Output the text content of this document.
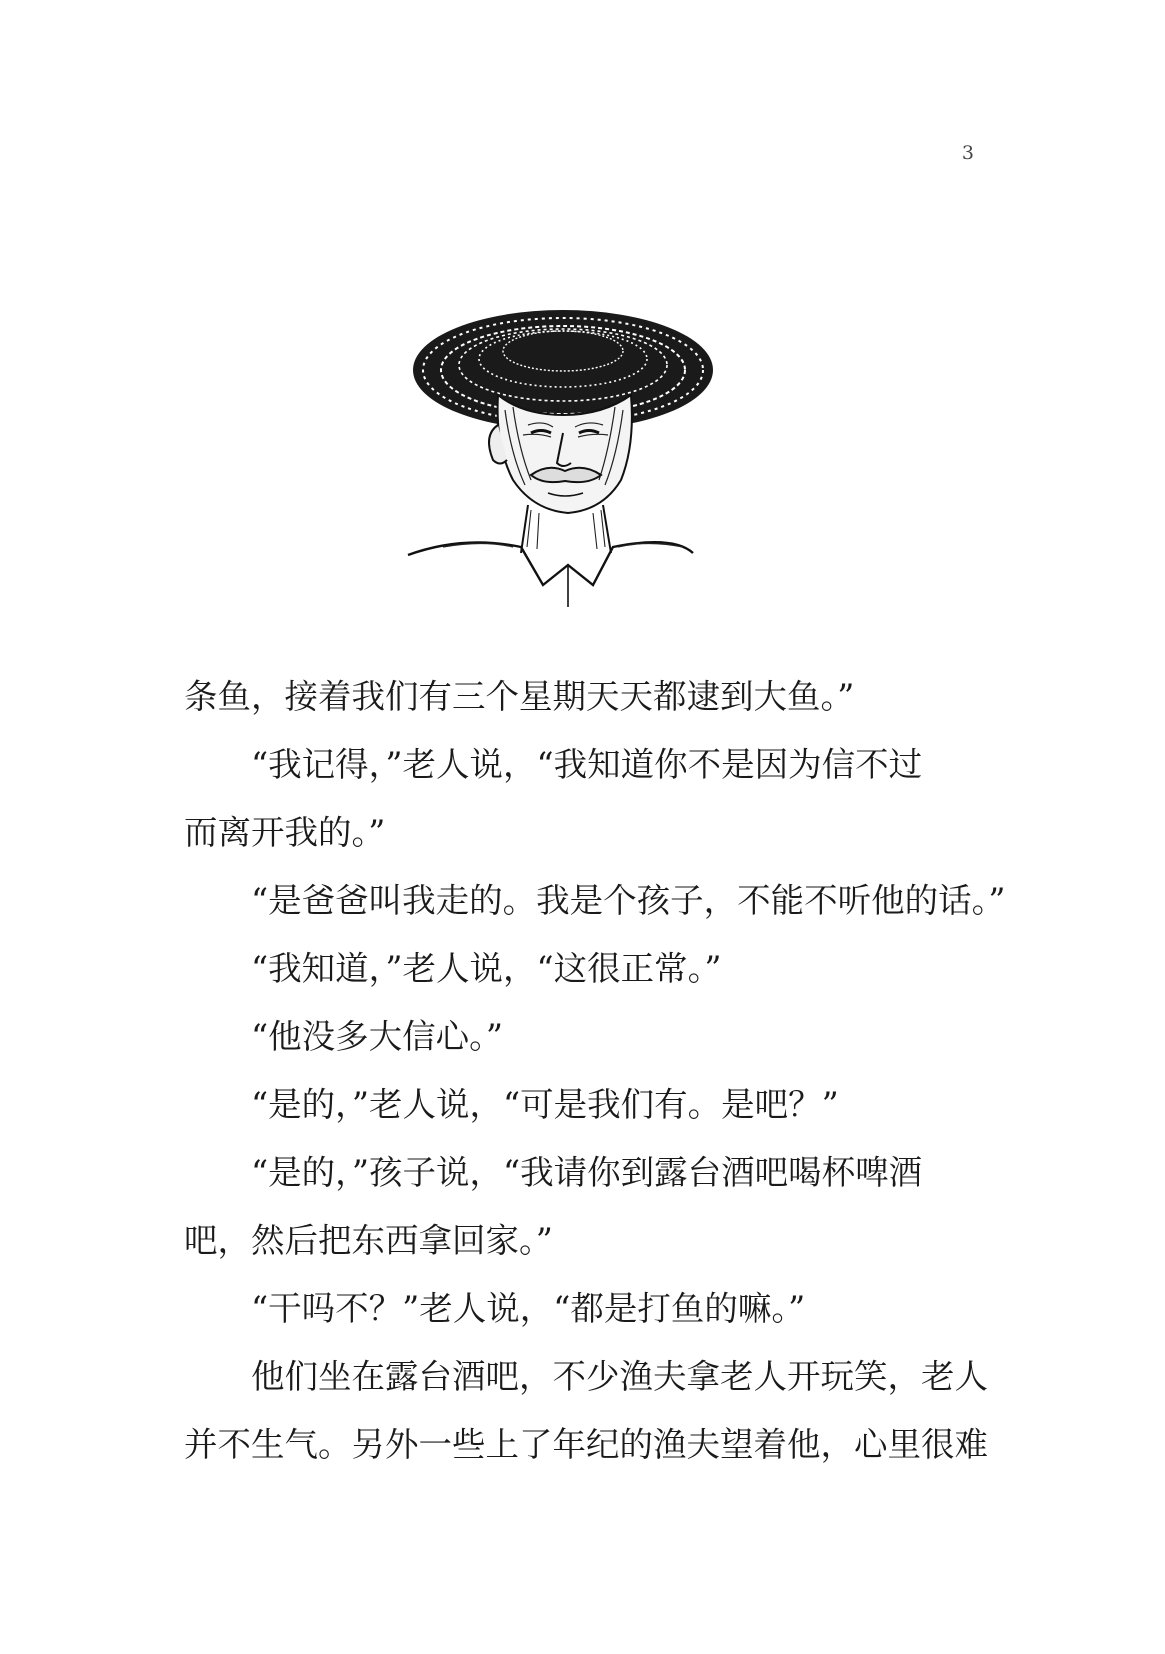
3
条鱼，接着我们有三个星期天天都逮到大鱼。”
“我记得，”老人说，“我知道你不是因为信不过
而离开我的。”
“是爸爸叫我走的。我是个孩子，不能不听他的话。”
“我知道，”老人说，“这很正常。”
“他没多大信心。”
“是的，”老人说，“可是我们有。是吧？”
“是的，”孩子说，“我请你到露台酒吧喝杯啤酒
吧，然后把东西拿回家。”
“干吗不？”老人说，“都是打鱼的嘛。”
他们坐在露台酒吧，不少渔夫拿老人开玩笑，老人
并不生气。另外一些上了年纪的渔夫望着他，心里很难
